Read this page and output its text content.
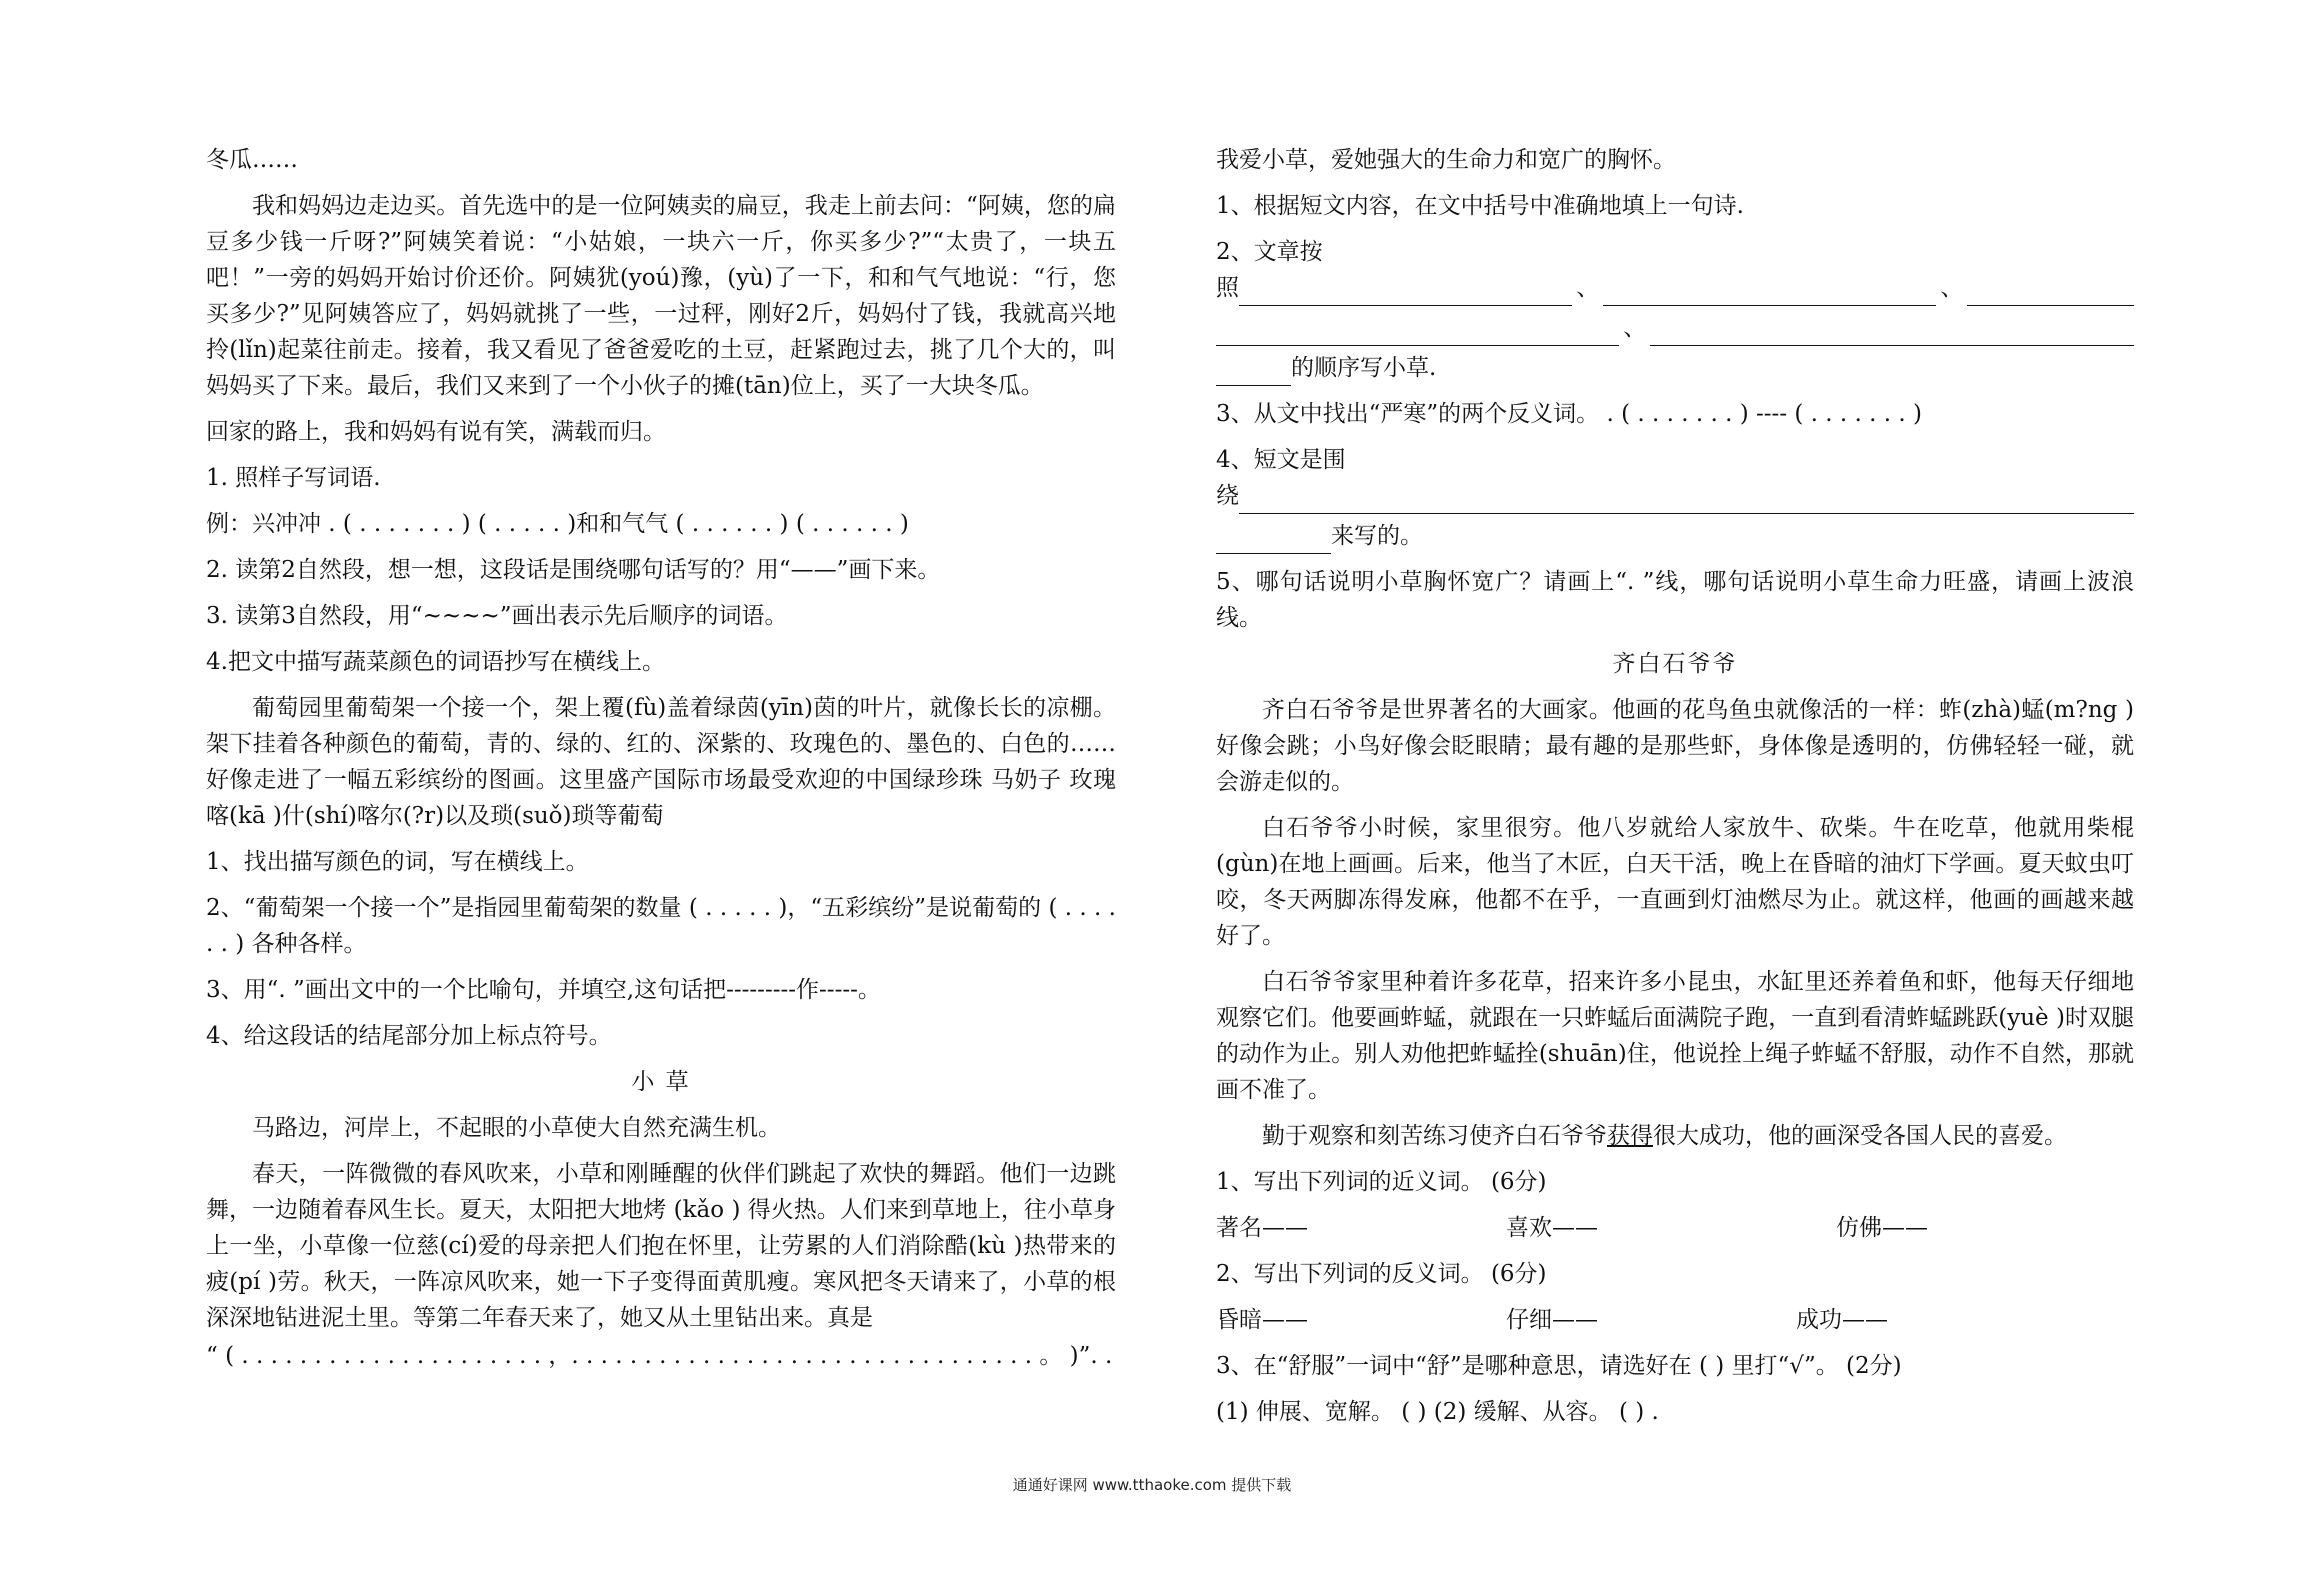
冬瓜……

我和妈妈边走边买。首先选中的是一位阿姨卖的扁豆，我走上前去问：“阿姨，您的扁豆多少钱一斤呀?”阿姨笑着说：“小姑娘，一块六一斤，你买多少?”“太贵了，一块五吧！”一旁的妈妈开始讨价还价。阿姨犹(yoú)豫，(yù)了一下，和和气气地说：“行，您买多少?”见阿姨答应了，妈妈就挑了一些，一过秤，刚好2斤，妈妈付了钱，我就高兴地拎(lǐn)起菜往前走。接着，我又看见了爸爸爱吃的土豆，赶紧跑过去，挑了几个大的，叫妈妈买了下来。最后，我们又来到了一个小伙子的摊(tān)位上，买了一大块冬瓜。

回家的路上，我和妈妈有说有笑，满载而归。

1. 照样子写词语.

例：兴冲冲 . ( . . . . . . . ) ( . . . . . )和和气气 ( . . . . . . ) ( . . . . . . )

2. 读第2自然段，想一想，这段话是围绕哪句话写的？用“——”画下来。

3. 读第3自然段，用“~~~~”画出表示先后顺序的词语。

4.把文中描写蔬菜颜色的词语抄写在横线上。

葡萄园里葡萄架一个接一个，架上覆(fù)盖着绿茵(yīn)茵的叶片，就像长长的凉棚。架下挂着各种颜色的葡萄，青的、绿的、红的、深紫的、玫瑰色的、墨色的、白色的……好像走进了一幅五彩缤纷的图画。这里盛产国际市场最受欢迎的中国绿珍珠 马奶子 玫瑰 喀(kā )什(shí)喀尔(?r)以及琐(suǒ)琐等葡萄

1、找出描写颜色的词，写在横线上。

2、“葡萄架一个接一个”是指园里葡萄架的数量 ( . . . . . )，“五彩缤纷”是说葡萄的 ( . . . . . . ) 各种各样。

3、用“. ”画出文中的一个比喻句，并填空,这句话把---------作-----。

4、给这段话的结尾部分加上标点符号。

小 草

马路边，河岸上，不起眼的小草使大自然充满生机。

春天，一阵微微的春风吹来，小草和刚睡醒的伙伴们跳起了欢快的舞蹈。他们一边跳舞，一边随着春风生长。夏天，太阳把大地烤 (kǎo ) 得火热。人们来到草地上，往小草身上一坐，小草像一位慈(cí)爱的母亲把人们抱在怀里，让劳累的人们消除酷(kù )热带来的疲(pí )劳。秋天，一阵凉风吹来，她一下子变得面黄肌瘦。寒风把冬天请来了，小草的根深深地钻进泥土里。等第二年春天来了，她又从土里钻出来。真是

“ ( . . . . . . . . . . . . . . . . . . . . . ，. . . . . . . . . . . . . . . . . . . . . . . . . . . . . . . . 。 )”. .

我爱小草，爱她强大的生命力和宽广的胸怀。

1、根据短文内容，在文中括号中准确地填上一句诗.

2、文章按
照	、	、
、
的顺序写小草.

3、从文中找出“严寒”的两个反义词。 . ( . . . . . . . ) ---- ( . . . . . . . )

4、短文是围
绕
来写的。

5、哪句话说明小草胸怀宽广？请画上“. ”线，哪句话说明小草生命力旺盛，请画上波浪线。

齐白石爷爷

齐白石爷爷是世界著名的大画家。他画的花鸟鱼虫就像活的一样：蚱(zhà)蜢(m?ng )好像会跳；小鸟好像会眨眼睛；最有趣的是那些虾，身体像是透明的，仿佛轻轻一碰，就会游走似的。

白石爷爷小时候，家里很穷。他八岁就给人家放牛、砍柴。牛在吃草，他就用柴棍(gùn)在地上画画。后来，他当了木匠，白天干活，晚上在昏暗的油灯下学画。夏天蚊虫叮咬，冬天两脚冻得发麻，他都不在乎，一直画到灯油燃尽为止。就这样，他画的画越来越好了。

白石爷爷家里种着许多花草，招来许多小昆虫，水缸里还养着鱼和虾，他每天仔细地观察它们。他要画蚱蜢，就跟在一只蚱蜢后面满院子跑，一直到看清蚱蜢跳跃(yuè )时双腿的动作为止。别人劝他把蚱蜢拴(shuān)住，他说拴上绳子蚱蜢不舒服，动作不自然，那就画不准了。

勤于观察和刻苦练习使齐白石爷爷获得很大成功，他的画深受各国人民的喜爱。

1、写出下列词的近义词。 (6分)

著名——	喜欢——	仿佛——

2、写出下列词的反义词。 (6分)

昏暗——	仔细——	成功——

3、在“舒服”一词中“舒”是哪种意思，请选好在 ( ) 里打“√”。 (2分)

(1) 伸展、宽解。 ( ) (2) 缓解、从容。 ( ) .

通通好课网 www.tthaoke.com 提供下载
